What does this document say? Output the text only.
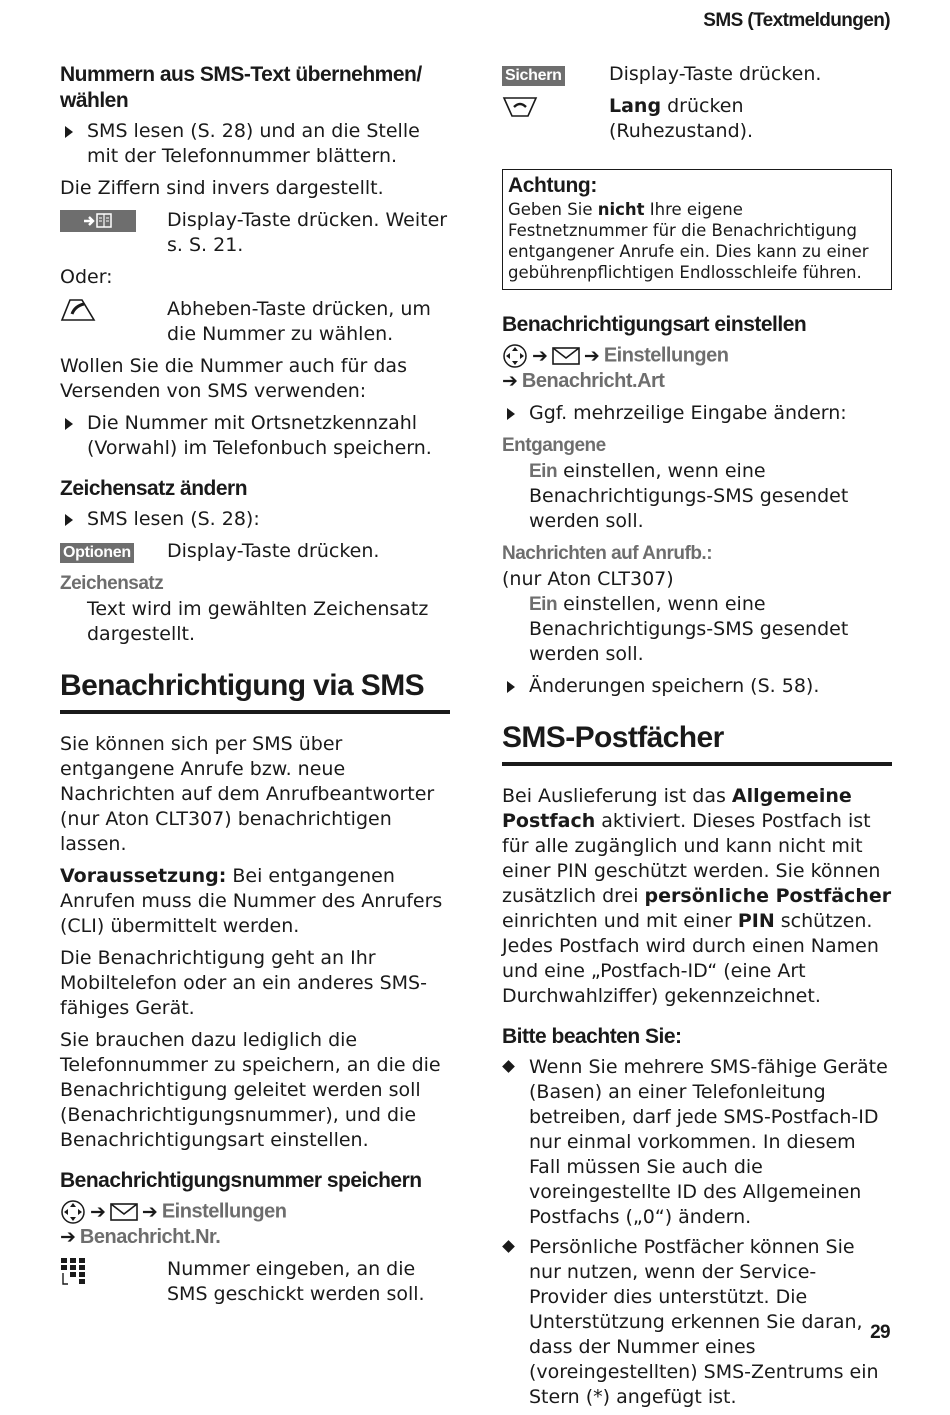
SMS (Textmeldungen)
Nummern aus SMS-Text übernehmen/ wählen
SMS lesen (S. 28) und an die Stelle mit der Telefonnummer blättern.

Die Ziffern sind invers dargestellt.

Display-Taste drücken. Weiter s. S. 21.

Oder:

Abheben-Taste drücken, um die Nummer zu wählen.

Wollen Sie die Nummer auch für das Versenden von SMS verwenden:

Die Nummer mit Ortsnetzkennzahl (Vorwahl) im Telefonbuch speichern.
Zeichensatz ändern
SMS lesen (S. 28):
Optionen	Display-Taste drücken.
Zeichensatz
Text wird im gewählten Zeichensatz dargestellt.
Benachrichtigung via SMS

Sie können sich per SMS über entgangene Anrufe bzw. neue Nachrichten auf dem Anrufbeantworter (nur Aton CLT307) benachrichtigen lassen.

Voraussetzung: Bei entgangenen Anrufen muss die Nummer des Anrufers (CLI) übermittelt werden.

Die Benachrichtigung geht an Ihr Mobiltelefon oder an ein anderes SMS-fähiges Gerät.

Sie brauchen dazu lediglich die Telefonnummer zu speichern, an die die Benachrichtigung geleitet werden soll (Benachrichtigungsnummer), und die Benachrichtigungsart einstellen.

Benachrichtigungsnummer speichern
➔ ➔ Einstellungen
➔ Benachricht.Nr.
Nummer eingeben, an die SMS geschickt werden soll.
Sichern	Display-Taste drücken.
Lang drücken (Ruhezustand).
Achtung:
Geben Sie nicht Ihre eigene Festnetznummer für die Benachrichtigung entgangener Anrufe ein. Dies kann zu einer gebührenpflichtigen Endlosschleife führen.
Benachrichtigungsart einstellen
➔ ➔ Einstellungen
➔ Benachricht.Art
Ggf. mehrzeilige Eingabe ändern:
Entgangene
Ein einstellen, wenn eine Benachrichtigungs-SMS gesendet werden soll.
Nachrichten auf Anrufb.:
(nur Aton CLT307)
Ein einstellen, wenn eine Benachrichtigungs-SMS gesendet werden soll.
Änderungen speichern (S. 58).
SMS-Postfächer

Bei Auslieferung ist das Allgemeine Postfach aktiviert. Dieses Postfach ist für alle zugänglich und kann nicht mit einer PIN geschützt werden. Sie können zusätzlich drei persönliche Postfächer einrichten und mit einer PIN schützen. Jedes Postfach wird durch einen Namen und eine „Postfach-ID“ (eine Art Durchwahlziffer) gekennzeichnet.

Bitte beachten Sie:
Wenn Sie mehrere SMS-fähige Geräte (Basen) an einer Telefonleitung betreiben, darf jede SMS-Postfach-ID nur einmal vorkommen. In diesem Fall müssen Sie auch die voreingestellte ID des Allgemeinen Postfachs („0“) ändern.
Persönliche Postfächer können Sie nur nutzen, wenn der Service-Provider dies unterstützt. Die Unterstützung erkennen Sie daran, dass der Nummer eines (voreingestellten) SMS-Zentrums ein Stern (*) angefügt ist.
29
